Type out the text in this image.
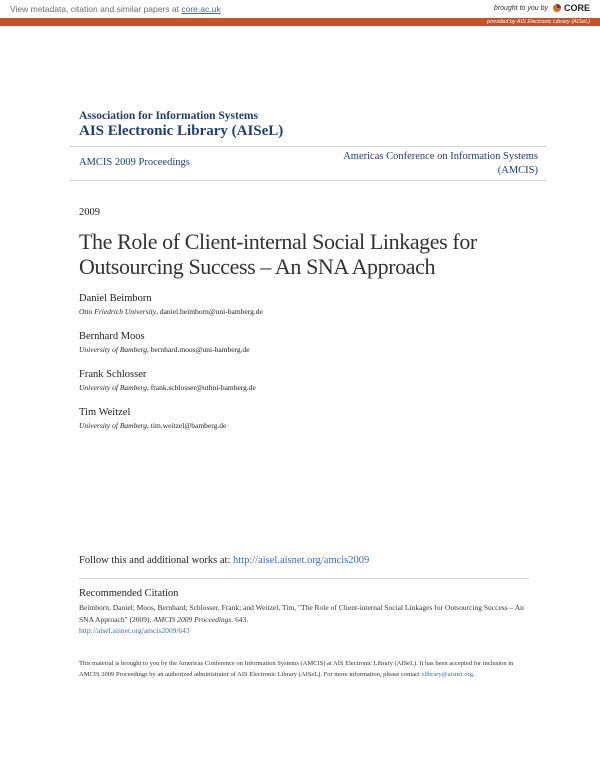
View metadata, citation and similar papers at core.ac.uk	brought to you by CORE
provided by AIS Electronic Library (AISeL)
Association for Information Systems
AIS Electronic Library (AISeL)
AMCIS 2009 Proceedings
Americas Conference on Information Systems
(AMCIS)
2009
The Role of Client-internal Social Linkages for Outsourcing Success – An SNA Approach
Daniel Beimborn
Otto Friedrich University, daniel.beimborn@uni-bamberg.de
Bernhard Moos
University of Bamberg, bernhard.moos@uni-bamberg.de
Frank Schlosser
University of Bamberg, frank.schlosser@uthni-bamberg.de
Tim Weitzel
University of Bamberg, tim.weitzel@bamberg.de
Follow this and additional works at: http://aisel.aisnet.org/amcis2009
Recommended Citation
Beimborn, Daniel; Moos, Bernhard; Schlosser, Frank; and Weitzel, Tim, "The Role of Client-internal Social Linkages for Outsourcing Success – An SNA Approach" (2009). AMCIS 2009 Proceedings. 643.
http://aisel.aisnet.org/amcis2009/643
This material is brought to you by the Americas Conference on Information Systems (AMCIS) at AIS Electronic Library (AISeL). It has been accepted for inclusion in AMCIS 2009 Proceedings by an authorized administrator of AIS Electronic Library (AISeL). For more information, please contact elibrary@aisnet.org.
